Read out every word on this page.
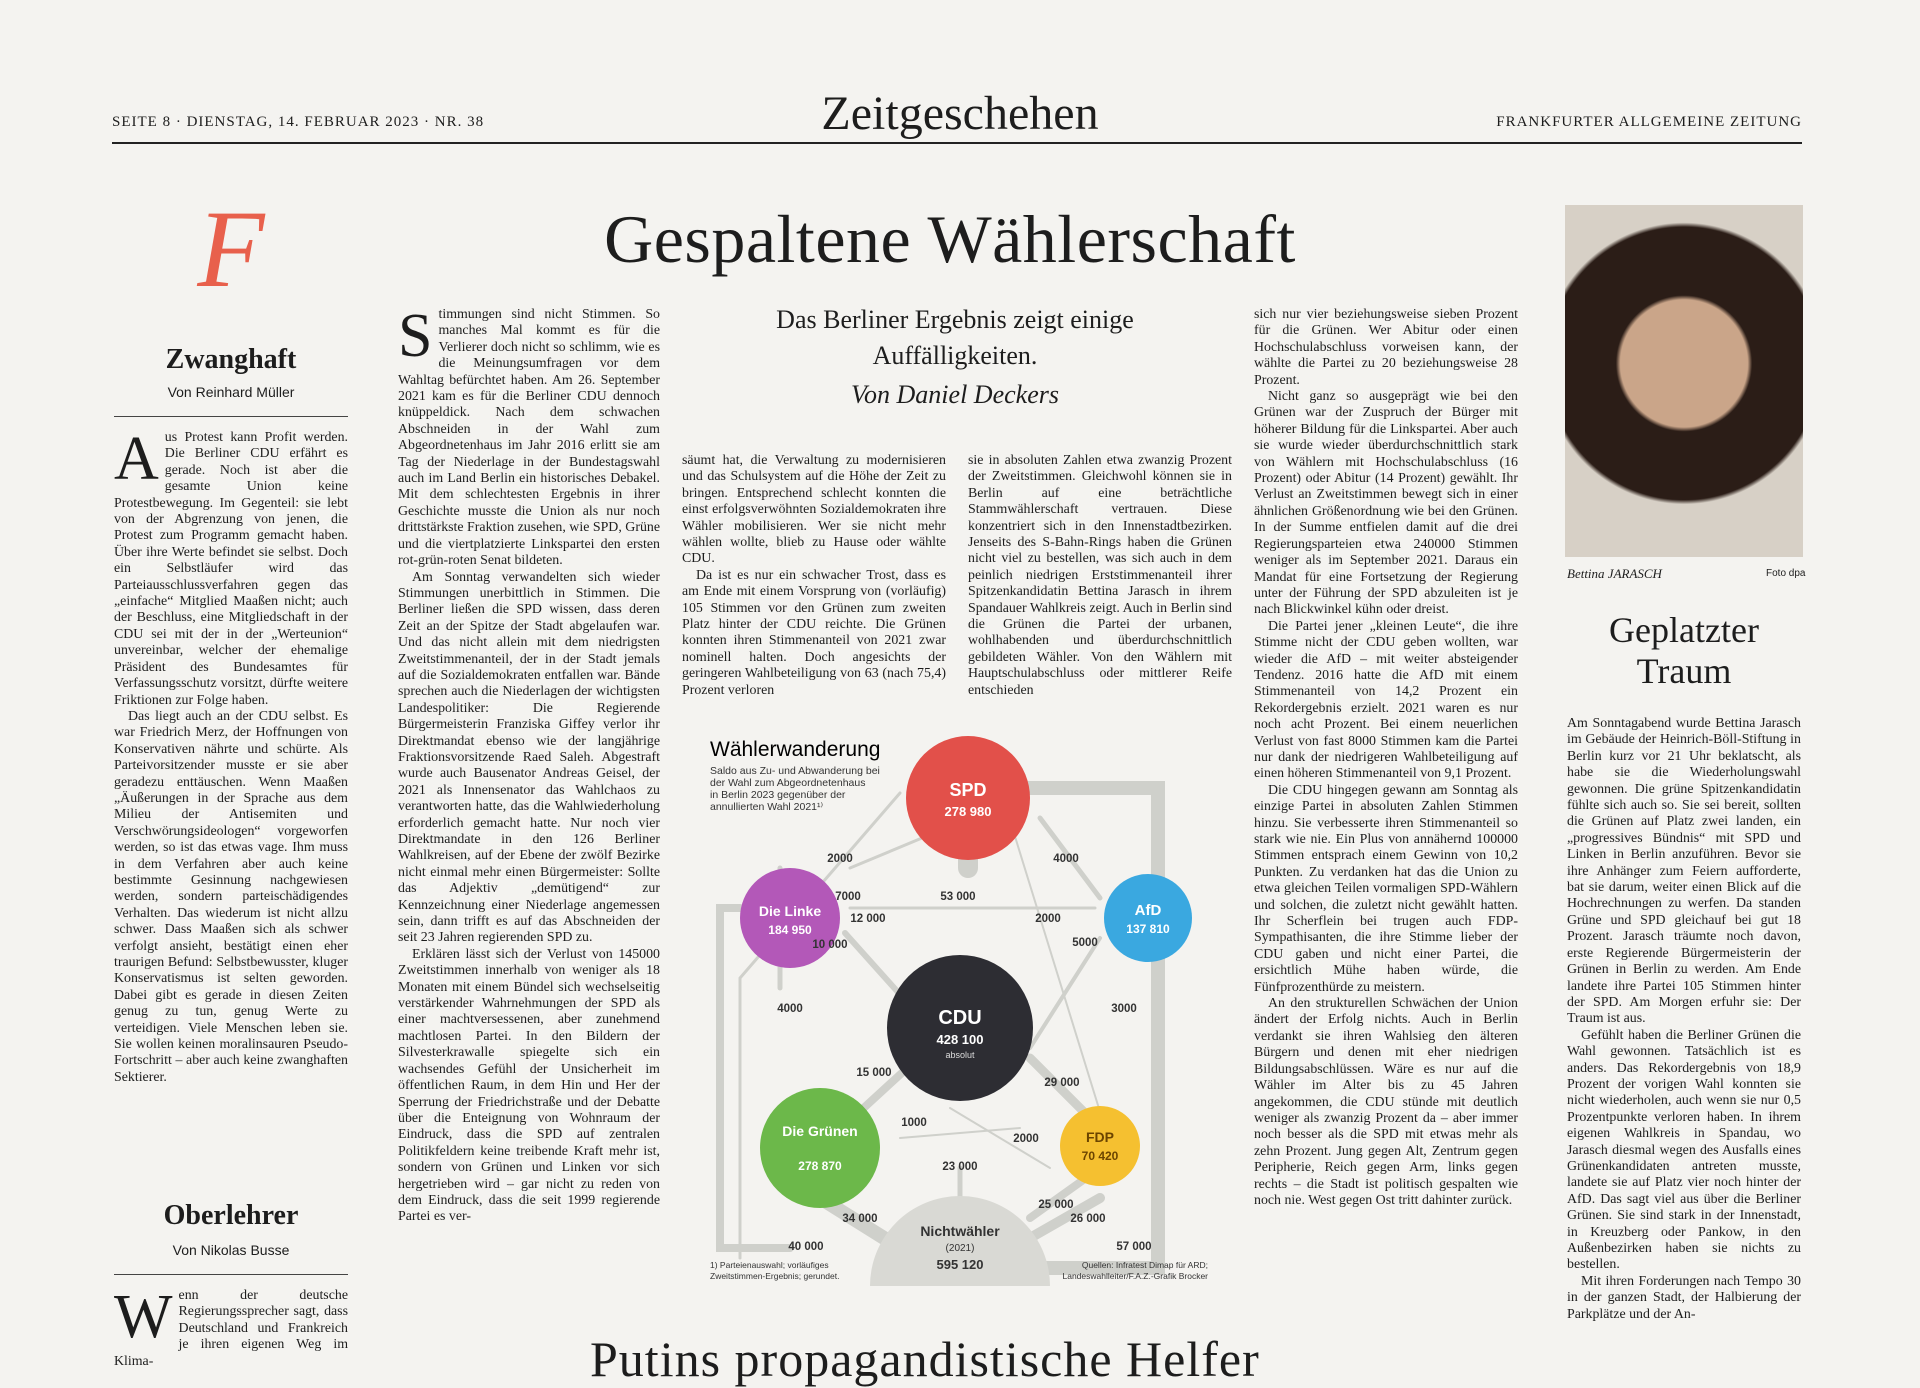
SEITE 8 · DIENSTAG, 14. FEBRUAR 2023 · NR. 38	Zeitgeschehen	FRANKFURTER ALLGEMEINE ZEITUNG
F
Zwanghaft
Von Reinhard Müller

Aus Protest kann Profit werden. Die Berliner CDU erfährt es gerade. Noch ist aber die gesamte Union keine Protestbewegung. Im Gegenteil: sie lebt von der Abgrenzung von jenen, die Protest zum Programm gemacht haben. Über ihre Werte befindet sie selbst. Doch ein Selbstläufer wird das Parteiausschlussverfahren gegen das „einfache“ Mitglied Maaßen nicht; auch der Beschluss, eine Mitgliedschaft in der CDU sei mit der in der „Werteunion“ unvereinbar, welcher der ehemalige Präsident des Bundesamtes für Verfassungsschutz vorsitzt, dürfte weitere Friktionen zur Folge haben.

Das liegt auch an der CDU selbst. Es war Friedrich Merz, der Hoffnungen von Konservativen nährte und schürte. Als Parteivorsitzender musste er sie aber geradezu enttäuschen. Wenn Maaßen „Äußerungen in der Sprache aus dem Milieu der Antisemiten und Verschwörungsideologen“ vorgeworfen werden, so ist das etwas vage. Ihm muss in dem Verfahren aber auch keine bestimmte Gesinnung nachgewiesen werden, sondern parteischädigendes Verhalten. Das wiederum ist nicht allzu schwer. Dass Maaßen sich als schwer verfolgt ansieht, bestätigt einen eher traurigen Befund: Selbstbewusster, kluger Konservatismus ist selten geworden. Dabei gibt es gerade in diesen Zeiten genug zu tun, genug Werte zu verteidigen. Viele Menschen leben sie. Sie wollen keinen moralinsauren Pseudo-Fortschritt – aber auch keine zwanghaften Sektierer.

Oberlehrer
Von Nikolas Busse

Wenn der deutsche Regierungssprecher sagt, dass Deutschland und Frankreich je ihren eigenen Weg im Klima-

Gespaltene Wählerschaft
Das Berliner Ergebnis zeigt einige Auffälligkeiten.
Von Daniel Deckers

Stimmungen sind nicht Stimmen. So manches Mal kommt es für die Verlierer doch nicht so schlimm, wie es die Meinungsumfragen vor dem Wahltag befürchtet haben. Am 26. September 2021 kam es für die Berliner CDU dennoch knüppeldick. Nach dem schwachen Abschneiden in der Wahl zum Abgeordnetenhaus im Jahr 2016 erlitt sie am Tag der Niederlage in der Bundestagswahl auch im Land Berlin ein historisches Debakel. Mit dem schlechtesten Ergebnis in ihrer Geschichte musste die Union als nur noch drittstärkste Fraktion zusehen, wie SPD, Grüne und die viertplatzierte Linkspartei den ersten rot-grün-roten Senat bildeten.

Am Sonntag verwandelten sich wieder Stimmungen unerbittlich in Stimmen. Die Berliner ließen die SPD wissen, dass deren Zeit an der Spitze der Stadt abgelaufen war. Und das nicht allein mit dem niedrigsten Zweitstimmenanteil, der in der Stadt jemals auf die Sozialdemokraten entfallen war. Bände sprechen auch die Niederlagen der wichtigsten Landespolitiker: Die Regierende Bürgermeisterin Franziska Giffey verlor ihr Direktmandat ebenso wie der langjährige Fraktionsvorsitzende Raed Saleh. Abgestraft wurde auch Bausenator Andreas Geisel, der 2021 als Innensenator das Wahlchaos zu verantworten hatte, das die Wahlwiederholung erforderlich gemacht hatte. Nur noch vier Direktmandate in den 126 Berliner Wahlkreisen, auf der Ebene der zwölf Bezirke nicht einmal mehr einen Bürgermeister: Sollte das Adjektiv „demütigend“ zur Kennzeichnung einer Niederlage angemessen sein, dann trifft es auf das Abschneiden der seit 23 Jahren regierenden SPD zu.

Erklären lässt sich der Verlust von 145000 Zweitstimmen innerhalb von weniger als 18 Monaten mit einem Bündel sich wechselseitig verstärkender Wahrnehmungen der SPD als einer machtversessenen, aber zunehmend machtlosen Partei. In den Bildern der Silvesterkrawalle spiegelte sich ein wachsendes Gefühl der Unsicherheit im öffentlichen Raum, in dem Hin und Her der Sperrung der Friedrichstraße und der Debatte über die Enteignung von Wohnraum der Eindruck, dass die SPD auf zentralen Politikfeldern keine treibende Kraft mehr ist, sondern von Grünen und Linken vor sich hergetrieben wird – gar nicht zu reden von dem Eindruck, dass die seit 1999 regierende Partei es ver-

säumt hat, die Verwaltung zu modernisieren und das Schulsystem auf die Höhe der Zeit zu bringen. Entsprechend schlecht konnten die einst erfolgsverwöhnten Sozialdemokraten ihre Wähler mobilisieren. Wer sie nicht mehr wählen wollte, blieb zu Hause oder wählte CDU.

Da ist es nur ein schwacher Trost, dass es am Ende mit einem Vorsprung von (vorläufig) 105 Stimmen vor den Grünen zum zweiten Platz hinter der CDU reichte. Die Grünen konnten ihren Stimmenanteil von 2021 zwar nominell halten. Doch angesichts der geringeren Wahlbeteiligung von 63 (nach 75,4) Prozent verloren

sie in absoluten Zahlen etwa zwanzig Prozent der Zweitstimmen. Gleichwohl können sie in Berlin auf eine beträchtliche Stammwählerschaft vertrauen. Diese konzentriert sich in den Innenstadtbezirken. Jenseits des S-Bahn-Rings haben die Grünen nicht viel zu bestellen, was sich auch in dem peinlich niedrigen Erststimmenanteil ihrer Spitzenkandidatin Bettina Jarasch in ihrem Spandauer Wahlkreis zeigt. Auch in Berlin sind die Grünen die Partei der urbanen, wohlhabenden und überdurchschnittlich gebildeten Wähler. Von den Wählern mit Hauptschulabschluss oder mittlerer Reife entschieden

sich nur vier beziehungsweise sieben Prozent für die Grünen. Wer Abitur oder einen Hochschulabschluss vorweisen kann, der wählte die Partei zu 20 beziehungsweise 28 Prozent.

Nicht ganz so ausgeprägt wie bei den Grünen war der Zuspruch der Bürger mit höherer Bildung für die Linkspartei. Aber auch sie wurde wieder überdurchschnittlich stark von Wählern mit Hochschulabschluss (16 Prozent) oder Abitur (14 Prozent) gewählt. Ihr Verlust an Zweitstimmen bewegt sich in einer ähnlichen Größenordnung wie bei den Grünen. In der Summe entfielen damit auf die drei Regierungsparteien etwa 240000 Stimmen weniger als im September 2021. Daraus ein Mandat für eine Fortsetzung der Regierung unter der Führung der SPD abzuleiten ist je nach Blickwinkel kühn oder dreist.

Die Partei jener „kleinen Leute“, die ihre Stimme nicht der CDU geben wollten, war wieder die AfD – mit weiter absteigender Tendenz. 2016 hatte die AfD mit einem Stimmenanteil von 14,2 Prozent ein Rekordergebnis erzielt. 2021 waren es nur noch acht Prozent. Bei einem neuerlichen Verlust von fast 8000 Stimmen kam die Partei nur dank der niedrigeren Wahlbeteiligung auf einen höheren Stimmenanteil von 9,1 Prozent.

Die CDU hingegen gewann am Sonntag als einzige Partei in absoluten Zahlen Stimmen hinzu. Sie verbesserte ihren Stimmenanteil so stark wie nie. Ein Plus von annähernd 100000 Stimmen entsprach einem Gewinn von 10,2 Punkten. Zu verdanken hat das die Union zu etwa gleichen Teilen vormaligen SPD-Wählern und solchen, die zuletzt nicht gewählt hatten. Ihr Scherflein bei trugen auch FDP-Sympathisanten, die ihre Stimme lieber der CDU gaben und nicht einer Partei, die ersichtlich Mühe haben würde, die Fünfprozenthürde zu meistern.

An den strukturellen Schwächen der Union ändert der Erfolg nichts. Auch in Berlin verdankt sie ihren Wahlsieg den älteren Bürgern und denen mit eher niedrigen Bildungsabschlüssen. Wäre es nur auf die Wähler im Alter bis zu 45 Jahren angekommen, die CDU stünde mit deutlich weniger als zwanzig Prozent da – aber immer noch besser als die SPD mit etwas mehr als zehn Prozent. Jung gegen Alt, Zentrum gegen Peripherie, Reich gegen Arm, links gegen rechts – die Stadt ist politisch gespalten wie noch nie. West gegen Ost tritt dahinter zurück.

Wählerwanderung
Saldo aus Zu- und Abwanderung bei
der Wahl zum Abgeordnetenhaus
in Berlin 2023 gegenüber der
annullierten Wahl 2021¹⁾
SPD
278 980
AfD
137 810
Die Linke
184 950
CDU
428 100
absolut
Die Grünen
278 870
FDP
70 420
Nichtwähler
(2021)
595 120
2000	4000
7000	53 000
12 000	2000
10 000	5000
4000	3000
15 000
29 000
1000
2000
23 000
25 000
34 000	26 000
40 000	57 000
1) Parteienauswahl; vorläufiges
Zweitstimmen-Ergebnis; gerundet.
Quellen: Infratest Dimap für ARD;
Landeswahlleiter/F.A.Z.-Grafik Brocker
Bettina JARASCH	Foto dpa
Geplatzter Traum

Am Sonntagabend wurde Bettina Jarasch im Gebäude der Heinrich-Böll-Stiftung in Berlin kurz vor 21 Uhr beklatscht, als habe sie die Wiederholungswahl gewonnen. Die grüne Spitzenkandidatin fühlte sich auch so. Sie sei bereit, sollten die Grünen auf Platz zwei landen, ein „progressives Bündnis“ mit SPD und Linken in Berlin anzuführen. Bevor sie ihre Anhänger zum Feiern aufforderte, bat sie darum, weiter einen Blick auf die Hochrechnungen zu werfen. Da standen Grüne und SPD gleichauf bei gut 18 Prozent. Jarasch träumte noch davon, erste Regierende Bürgermeisterin der Grünen in Berlin zu werden. Am Ende landete ihre Partei 105 Stimmen hinter der SPD. Am Morgen erfuhr sie: Der Traum ist aus.

Gefühlt haben die Berliner Grünen die Wahl gewonnen. Tatsächlich ist es anders. Das Rekordergebnis von 18,9 Prozent der vorigen Wahl konnten sie nicht wiederholen, auch wenn sie nur 0,5 Prozentpunkte verloren haben. In ihrem eigenen Wahlkreis in Spandau, wo Jarasch diesmal wegen des Ausfalls eines Grünenkandidaten antreten musste, landete sie auf Platz vier noch hinter der AfD. Das sagt viel aus über die Berliner Grünen. Sie sind stark in der Innenstadt, in Kreuzberg oder Pankow, in den Außenbezirken haben sie nichts zu bestellen.

Mit ihren Forderungen nach Tempo 30 in der ganzen Stadt, der Halbierung der Parkplätze und der An-

Putins propagandistische Helfer
